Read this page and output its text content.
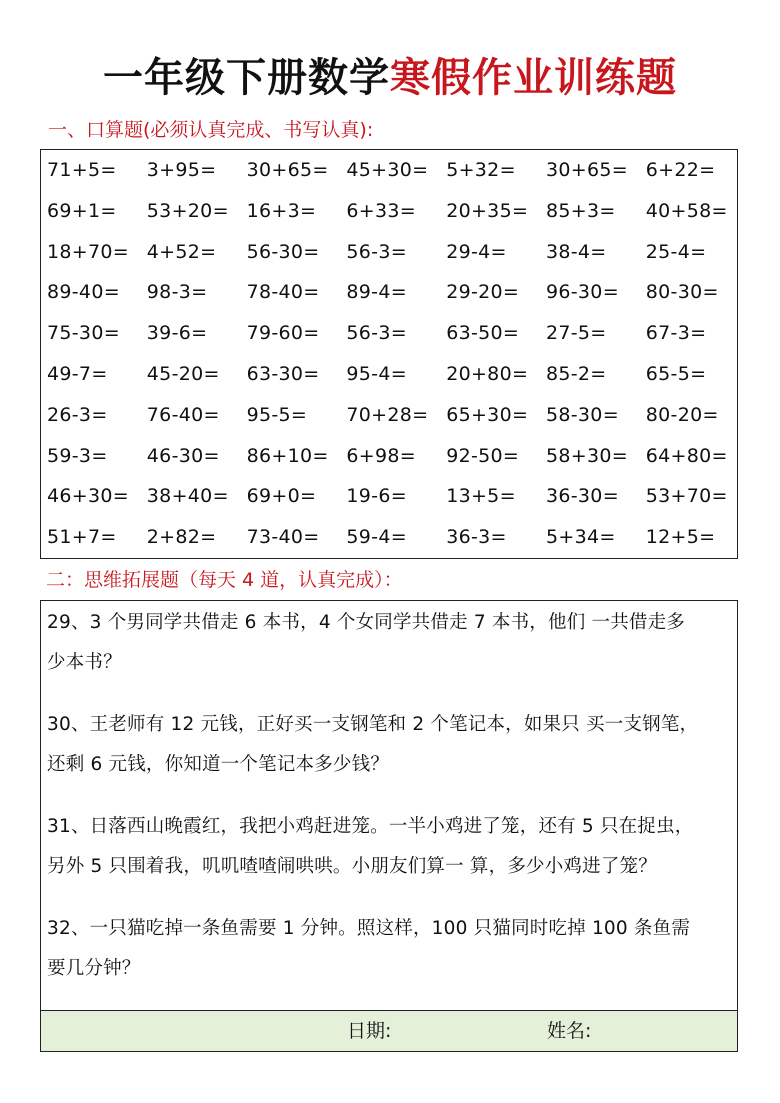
一年级下册数学寒假作业训练题
一、口算题(必须认真完成、书写认真):
71+5=	3+95=	30+65= 45+30= 5+32=	30+65= 6+22=
69+1=	53+20= 16+3=	6+33=	20+35= 85+3=	40+58=
18+70= 4+52=	56-30=	56-3=	29-4=	38-4=	25-4=
89-40=	98-3=	78-40=	89-4=	29-20=	96-30=	80-30=
75-30=	39-6=	79-60=	56-3=	63-50=	27-5=	67-3=
49-7=	45-20=	63-30=	95-4=	20+80= 85-2=	65-5=
26-3=	76-40=	95-5=	70+28= 65+30= 58-30=	80-20=
59-3=	46-30=	86+10= 6+98=	92-50=	58+30= 64+80=
46+30= 38+40= 69+0=	19-6=	13+5=	36-30=	53+70=
51+7=	2+82=	73-40=	59-4=	36-3=	5+34=	12+5=
二：思维拓展题（每天 4 道，认真完成）：
29、3 个男同学共借走 6 本书，4 个女同学共借走 7 本书，他们 一共借走多
少本书？
30、王老师有 12 元钱，正好买一支钢笔和 2 个笔记本，如果只 买一支钢笔，
还剩 6 元钱，你知道一个笔记本多少钱？
31、日落西山晚霞红，我把小鸡赶进笼。一半小鸡进了笼，还有 5 只在捉虫，
另外 5 只围着我，叽叽喳喳闹哄哄。小朋友们算一 算，多少小鸡进了笼？
32、一只猫吃掉一条鱼需要 1 分钟。照这样，100 只猫同时吃掉 100 条鱼需
要几分钟？
日期:	姓名:
